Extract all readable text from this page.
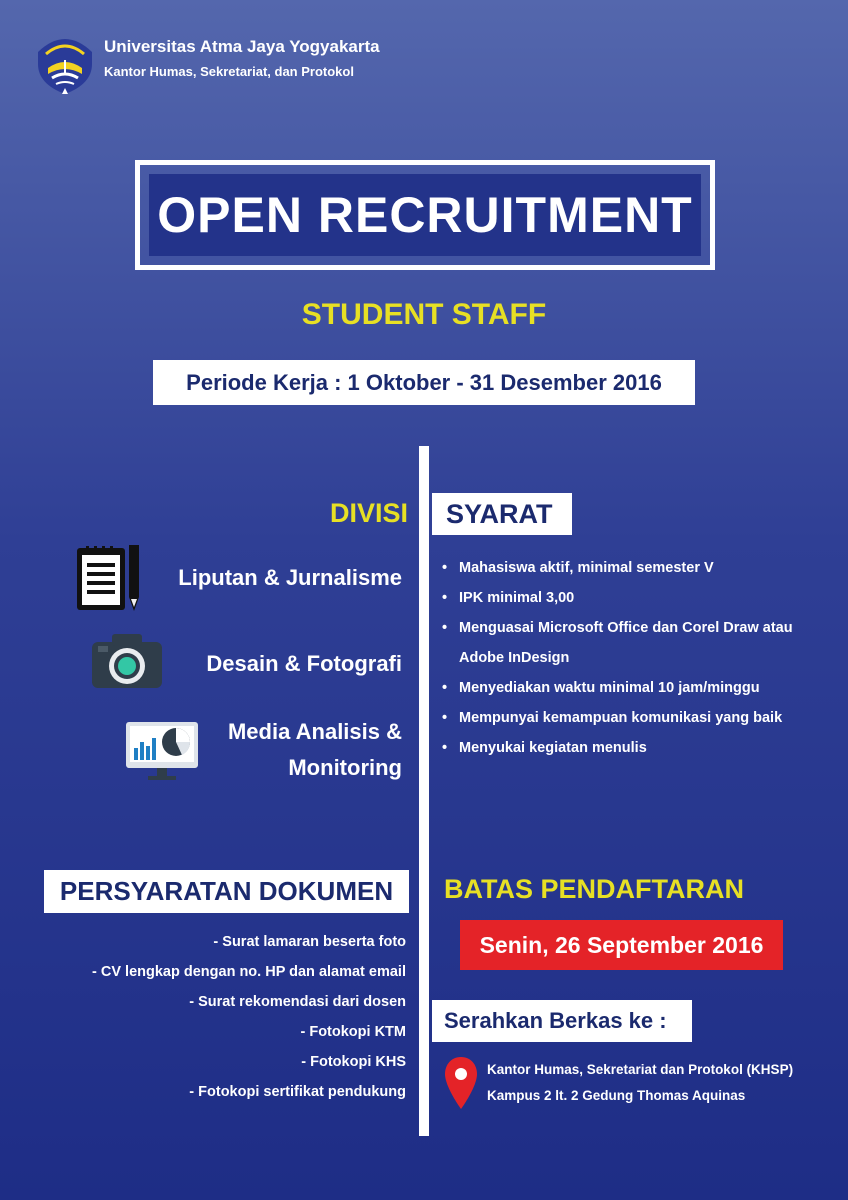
Universitas Atma Jaya Yogyakarta
Kantor Humas, Sekretariat, dan Protokol
OPEN RECRUITMENT
STUDENT STAFF
Periode Kerja : 1 Oktober - 31 Desember 2016
DIVISI
Liputan & Jurnalisme
Desain & Fotografi
Media Analisis &
Monitoring
SYARAT
• Mahasiswa aktif, minimal semester V
• IPK minimal 3,00
• Menguasai Microsoft Office dan Corel Draw atau Adobe InDesign
• Menyediakan waktu minimal 10 jam/minggu
• Mempunyai kemampuan komunikasi yang baik
• Menyukai kegiatan menulis
PERSYARATAN DOKUMEN
- Surat lamaran beserta foto
- CV lengkap dengan no. HP dan alamat email
- Surat rekomendasi dari dosen
- Fotokopi KTM
- Fotokopi KHS
- Fotokopi sertifikat pendukung
BATAS PENDAFTARAN
Senin, 26 September 2016
Serahkan Berkas ke :
Kantor Humas, Sekretariat dan Protokol (KHSP)
Kampus 2 lt. 2 Gedung Thomas Aquinas
